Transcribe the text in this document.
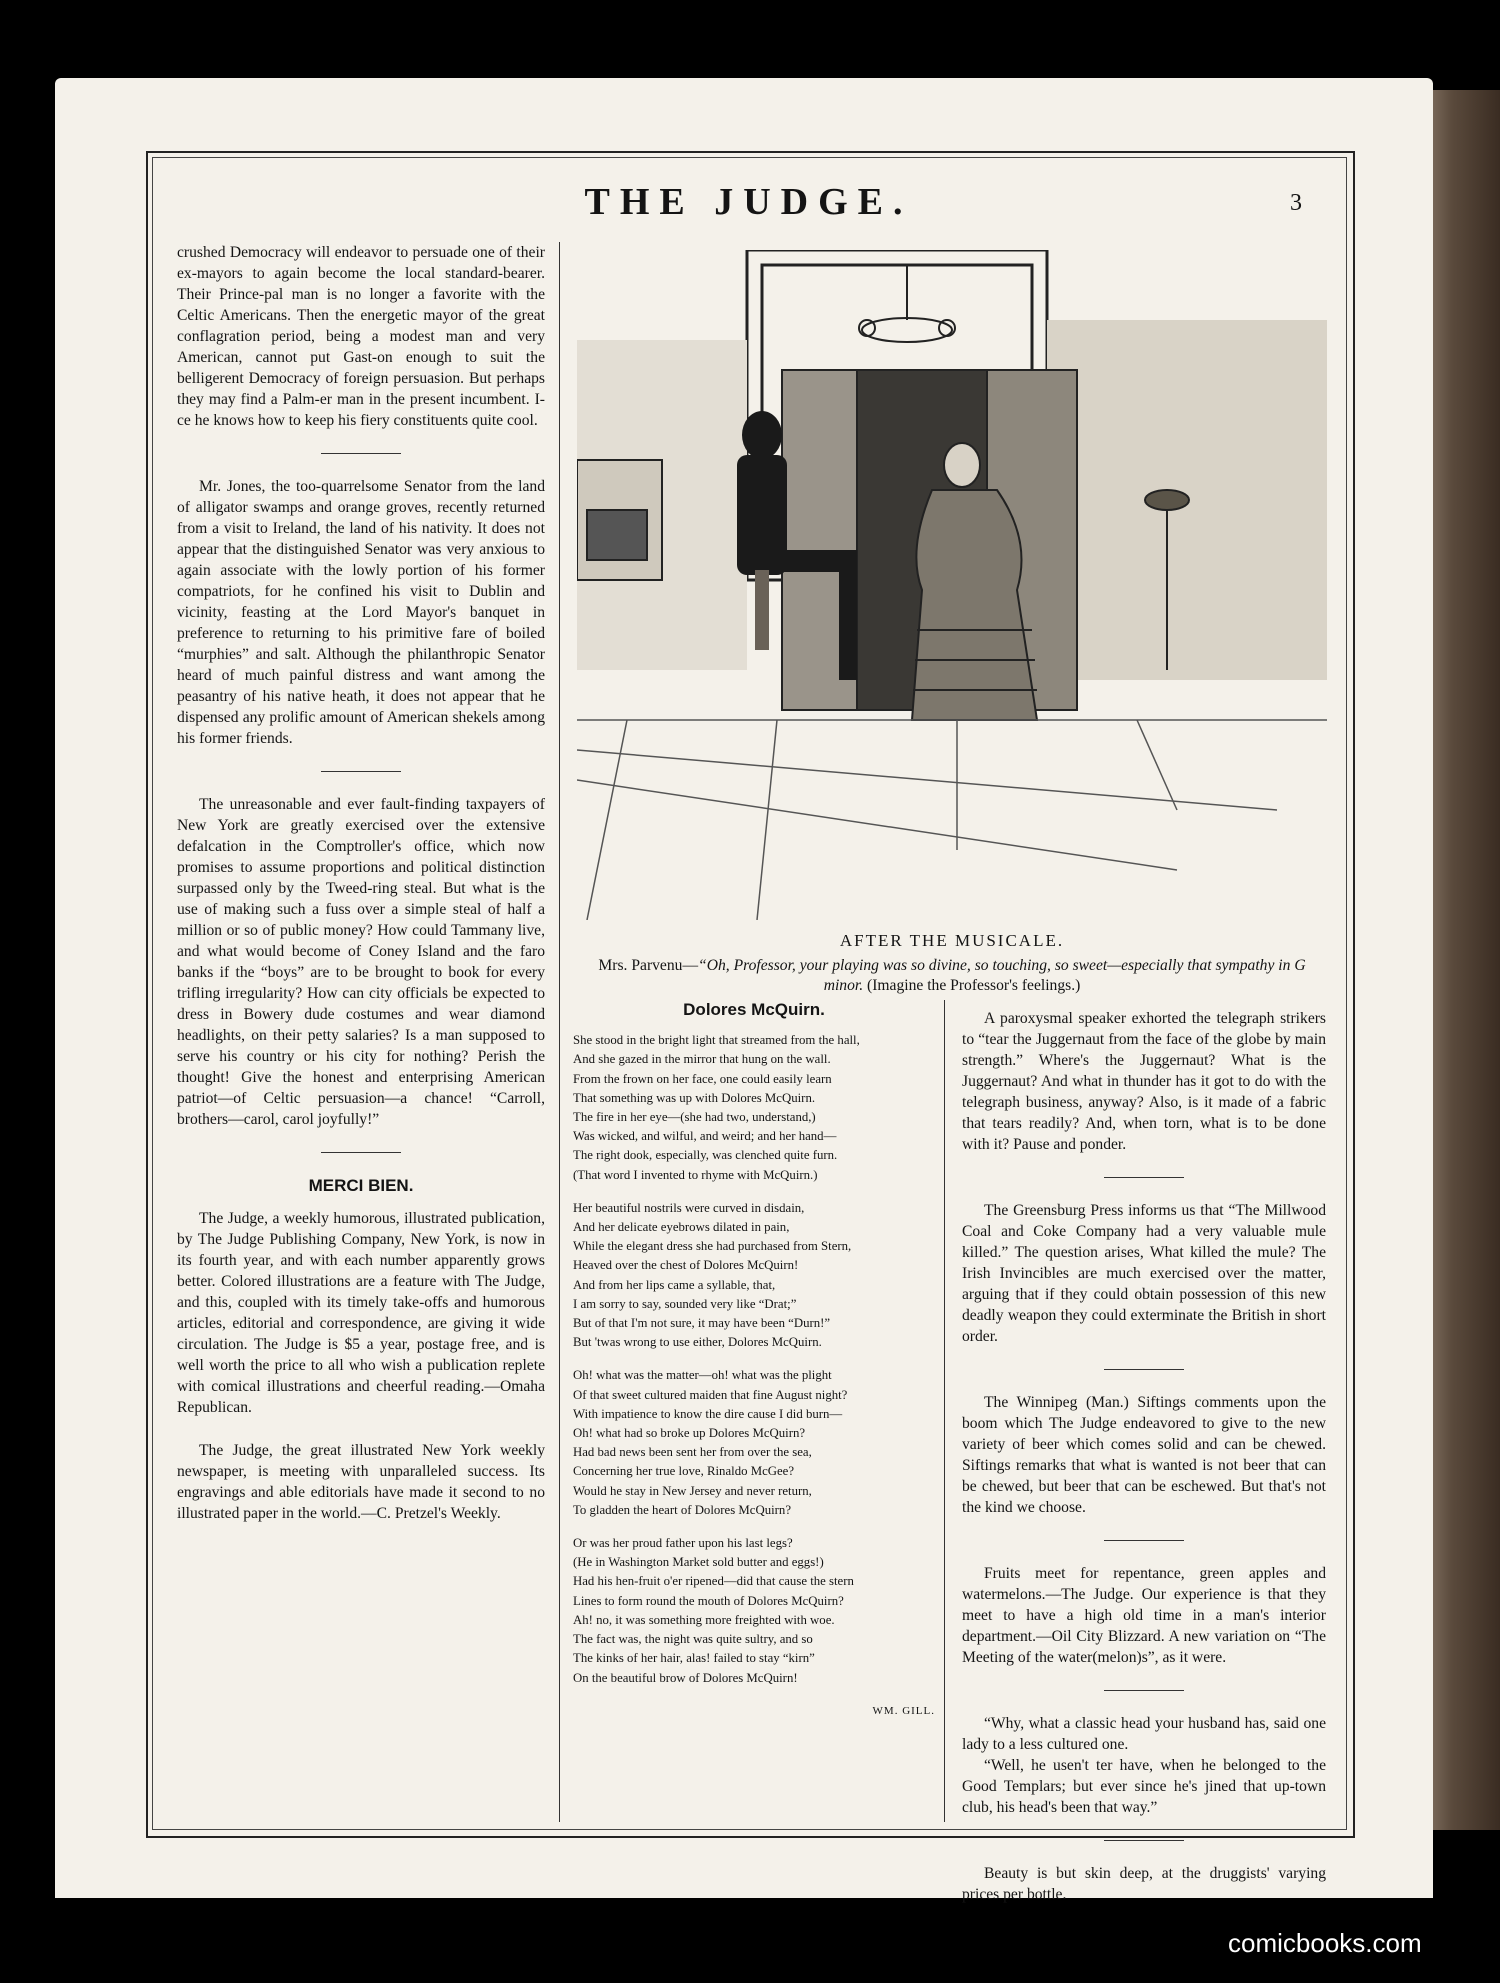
THE JUDGE.	3

crushed Democracy will endeavor to persuade one of their ex-mayors to again become the local standard-bearer. Their Prince-pal man is no longer a favorite with the Celtic Americans. Then the energetic mayor of the great conflagration period, being a modest man and very American, cannot put Gast-on enough to suit the belligerent Democracy of foreign persuasion. But perhaps they may find a Palm-er man in the present incumbent. I-ce he knows how to keep his fiery constituents quite cool.

Mr. Jones, the too-quarrelsome Senator from the land of alligator swamps and orange groves, recently returned from a visit to Ireland, the land of his nativity. It does not appear that the distinguished Senator was very anxious to again associate with the lowly portion of his former compatriots, for he confined his visit to Dublin and vicinity, feasting at the Lord Mayor's banquet in preference to returning to his primitive fare of boiled “murphies” and salt. Although the philanthropic Senator heard of much painful distress and want among the peasantry of his native heath, it does not appear that he dispensed any prolific amount of American shekels among his former friends.

The unreasonable and ever fault-finding taxpayers of New York are greatly exercised over the extensive defalcation in the Comptroller's office, which now promises to assume proportions and political distinction surpassed only by the Tweed-ring steal. But what is the use of making such a fuss over a simple steal of half a million or so of public money? How could Tammany live, and what would become of Coney Island and the faro banks if the “boys” are to be brought to book for every trifling irregularity? How can city officials be expected to dress in Bowery dude costumes and wear diamond headlights, on their petty salaries? Is a man supposed to serve his country or his city for nothing? Perish the thought! Give the honest and enterprising American patriot—of Celtic persuasion—a chance! “Carroll, brothers—carol, carol joyfully!”

MERCI BIEN.

The Judge, a weekly humorous, illustrated publication, by The Judge Publishing Company, New York, is now in its fourth year, and with each number apparently grows better. Colored illustrations are a feature with The Judge, and this, coupled with its timely take-offs and humorous articles, editorial and correspondence, are giving it wide circulation. The Judge is $5 a year, postage free, and is well worth the price to all who wish a publication replete with comical illustrations and cheerful reading.—Omaha Republican.

The Judge, the great illustrated New York weekly newspaper, is meeting with unparalleled success. Its engravings and able editorials have made it second to no illustrated paper in the world.—C. Pretzel's Weekly.

AFTER THE MUSICALE.
Mrs. Parvenu—“Oh, Professor, your playing was so divine, so touching, so sweet—especially that sympathy in G minor. (Imagine the Professor's feelings.)
Dolores McQuirn.
She stood in the bright light that streamed from the hall,
And she gazed in the mirror that hung on the wall.
From the frown on her face, one could easily learn
That something was up with Dolores McQuirn.
The fire in her eye—(she had two, understand,)
Was wicked, and wilful, and weird; and her hand—
The right dook, especially, was clenched quite furn.
(That word I invented to rhyme with McQuirn.)
Her beautiful nostrils were curved in disdain,
And her delicate eyebrows dilated in pain,
While the elegant dress she had purchased from Stern,
Heaved over the chest of Dolores McQuirn!
And from her lips came a syllable, that,
I am sorry to say, sounded very like “Drat;”
But of that I'm not sure, it may have been “Durn!”
But 'twas wrong to use either, Dolores McQuirn.
Oh! what was the matter—oh! what was the plight
Of that sweet cultured maiden that fine August night?
With impatience to know the dire cause I did burn—
Oh! what had so broke up Dolores McQuirn?
Had bad news been sent her from over the sea,
Concerning her true love, Rinaldo McGee?
Would he stay in New Jersey and never return,
To gladden the heart of Dolores McQuirn?
Or was her proud father upon his last legs?
(He in Washington Market sold butter and eggs!)
Had his hen-fruit o'er ripened—did that cause the stern
Lines to form round the mouth of Dolores McQuirn?
Ah! no, it was something more freighted with woe.
The fact was, the night was quite sultry, and so
The kinks of her hair, alas! failed to stay “kirn”
On the beautiful brow of Dolores McQuirn!
WM. GILL.

A paroxysmal speaker exhorted the telegraph strikers to “tear the Juggernaut from the face of the globe by main strength.” Where's the Juggernaut? What is the Juggernaut? And what in thunder has it got to do with the telegraph business, anyway? Also, is it made of a fabric that tears readily? And, when torn, what is to be done with it? Pause and ponder.

The Greensburg Press informs us that “The Millwood Coal and Coke Company had a very valuable mule killed.” The question arises, What killed the mule? The Irish Invincibles are much exercised over the matter, arguing that if they could obtain possession of this new deadly weapon they could exterminate the British in short order.

The Winnipeg (Man.) Siftings comments upon the boom which The Judge endeavored to give to the new variety of beer which comes solid and can be chewed. Siftings remarks that what is wanted is not beer that can be chewed, but beer that can be eschewed. But that's not the kind we choose.

Fruits meet for repentance, green apples and watermelons.—The Judge. Our experience is that they meet to have a high old time in a man's interior department.—Oil City Blizzard. A new variation on “The Meeting of the water(melon)s”, as it were.

“Why, what a classic head your husband has, said one lady to a less cultured one.

“Well, he usen't ter have, when he belonged to the Good Templars; but ever since he's jined that up-town club, his head's been that way.”

Beauty is but skin deep, at the druggists' varying prices per bottle.

comicbooks.com
